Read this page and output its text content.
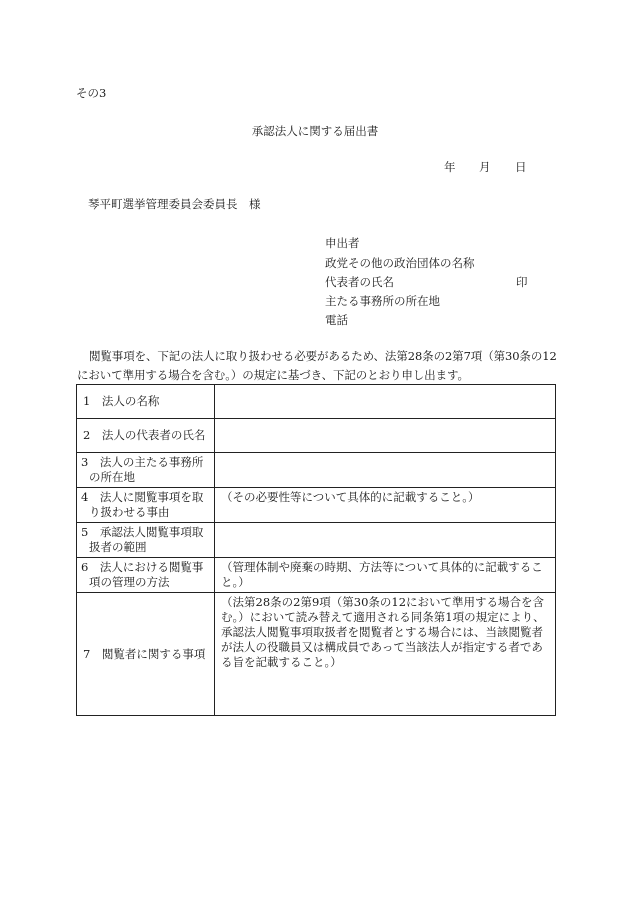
その3
承認法人に関する届出書
年 月 日
琴平町選挙管理委員会委員長　様
申出者
政党その他の政治団体の名称
代表者の氏名	印
主たる事務所の所在地
電話
閲覧事項を、下記の法人に取り扱わせる必要があるため、法第28条の2第7項（第30条の12において準用する場合を含む。）の規定に基づき、下記のとおり申し出ます。
1　法人の名称	
2　法人の代表者の氏名	

3　法人の主たる事務所の所在地	

4　法人に閲覧事項を取り扱わせる事由	（その必要性等について具体的に記載すること。）

5　承認法人閲覧事項取扱者の範囲	

6　法人における閲覧事項の管理の方法	（管理体制や廃棄の時期、方法等について具体的に記載すること。）
7　閲覧者に関する事項	（法第28条の2第9項（第30条の12において準用する場合を含む。）において読み替えて適用される同条第1項の規定により、承認法人閲覧事項取扱者を閲覧者とする場合には、当該閲覧者が法人の役職員又は構成員であって当該法人が指定する者である旨を記載すること。）
